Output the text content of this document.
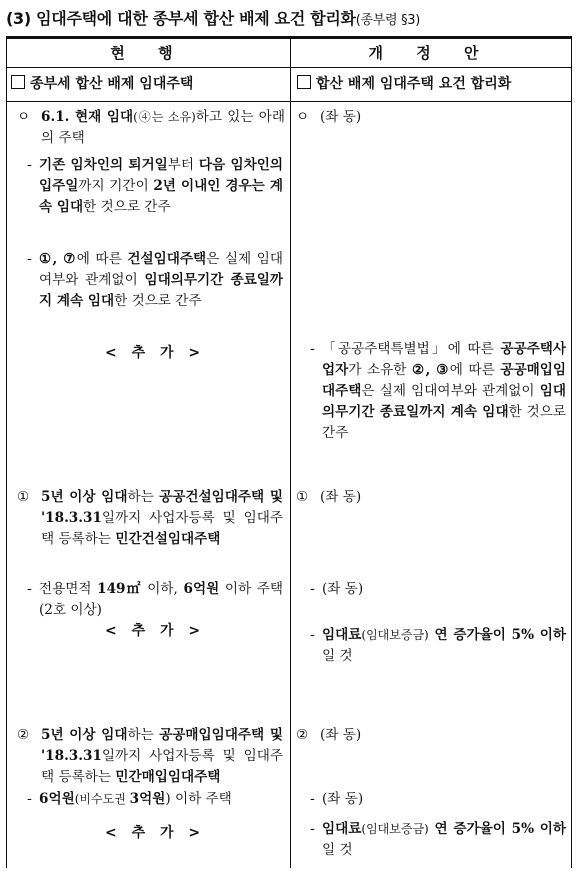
(3) 임대주택에 대한 종부세 합산 배제 요건 합리화(종부령 §3)
현 행	개 정 안
종부세 합산 배제 임대주택	합산 배제 임대주택 요건 합리화
ㅇ 6.1. 현재 임대(④는 소유)하고 있는 아래의 주택
- 기존 임차인의 퇴거일부터 다음 임차인의 입주일까지 기간이 2년 이내인 경우는 계속 임대한 것으로 간주
- ①, ⑦에 따른 건설임대주택은 실제 임대여부와 관계없이 임대의무기간 종료일까지 계속 임대한 것으로 간주
< 추 가 >
① 5년 이상 임대하는 공공건설임대주택 및 '18.3.31일까지 사업자등록 및 임대주택 등록하는 민간건설임대주택
- 전용면적 149㎡ 이하, 6억원 이하 주택(2호 이상)
< 추 가 >
② 5년 이상 임대하는 공공매입임대주택 및 '18.3.31일까지 사업자등록 및 임대주택 등록하는 민간매입임대주택
- 6억원(비수도권 3억원) 이하 주택
< 추 가 >
ㅇ (좌 동)
- 「공공주택특별법」에 따른 공공주택사업자가 소유한 ②, ③에 따른 공공매입임대주택은 실제 임대여부와 관계없이 임대의무기간 종료일까지 계속 임대한 것으로 간주
① (좌 동)
- (좌 동)
- 임대료(임대보증금) 연 증가율이 5% 이하일 것
② (좌 동)
- (좌 동)
- 임대료(임대보증금) 연 증가율이 5% 이하일 것
